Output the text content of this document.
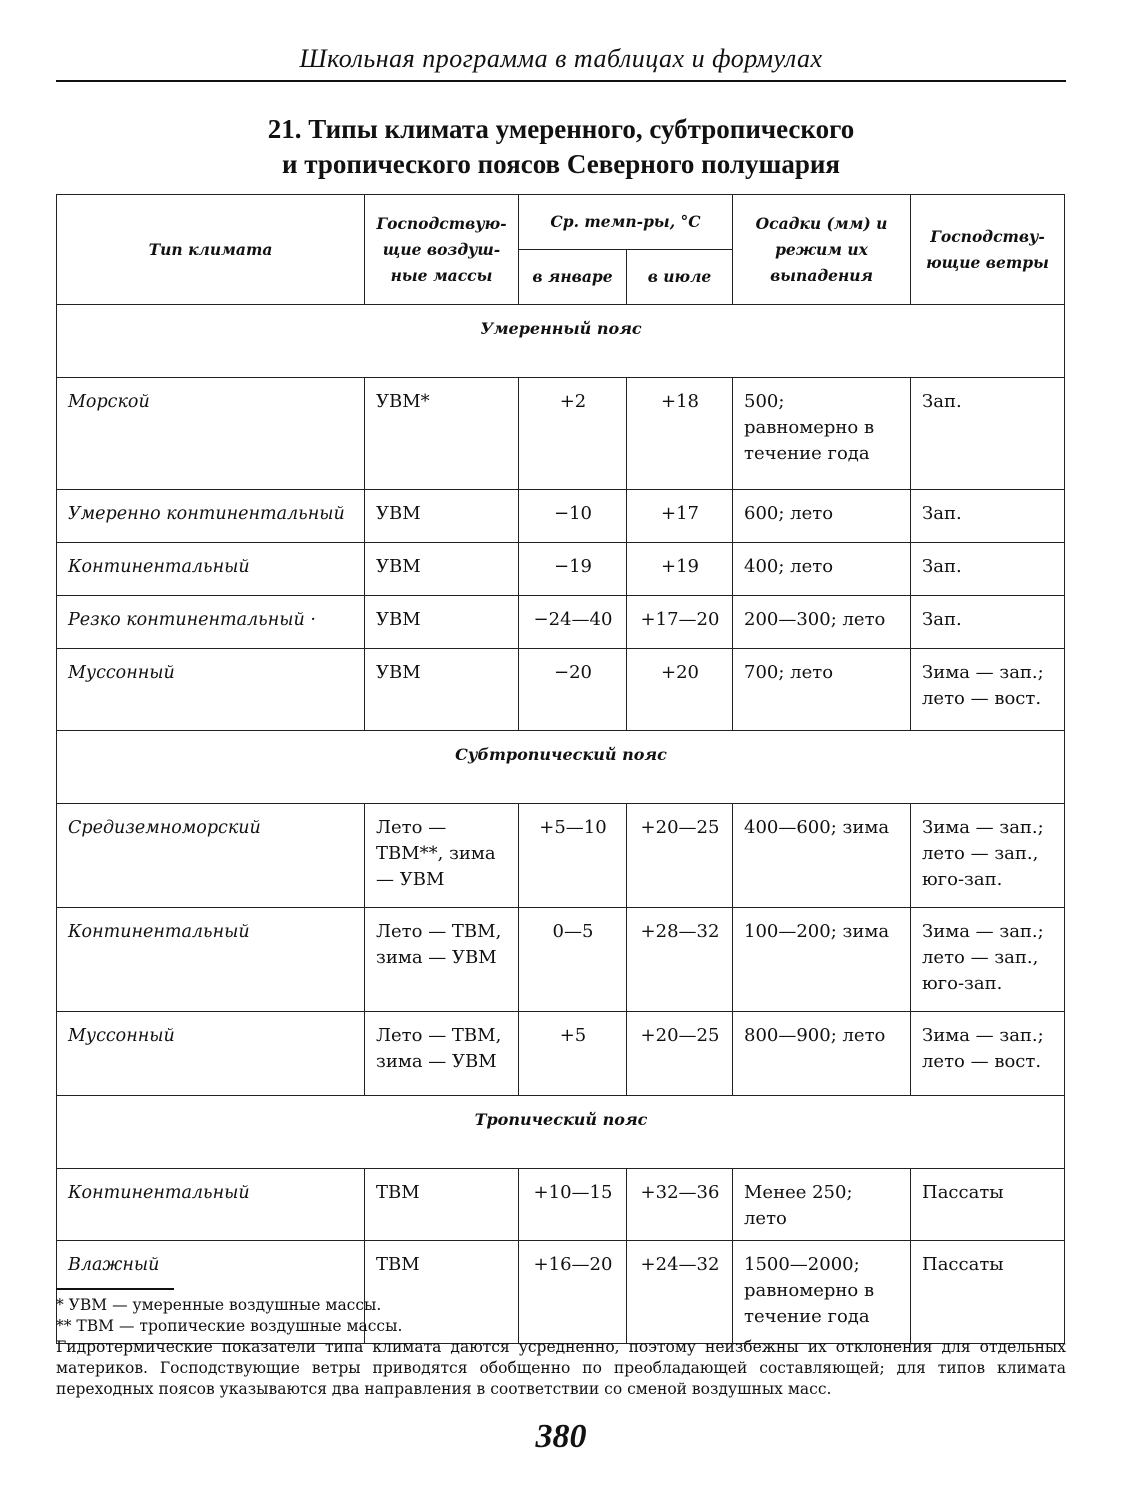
Школьная программа в таблицах и формулах
21. Типы климата умеренного, субтропического
и тропического поясов Северного полушария
Тип климата	Господствую-щие воздуш-ные массы	Ср. темп-ры, °С		Осадки (мм) и режим их выпадения	Господству-ющие ветры
		в январе	в июле		
Умеренный пояс					
Морской	УВМ*	+2	+18	500; равномерно в течение года	Зап.
Умеренно континентальный	УВМ	−10	+17	600; лето	Зап.
Континентальный	УВМ	−19	+19	400; лето	Зап.
Резко континентальный ·	УВМ	−24—40	+17—20	200—300; лето	Зап.
Муссонный	УВМ	−20	+20	700; лето	Зима — зап.; лето — вост.
Субтропический пояс					
Средиземноморский	Лето — ТВМ**, зима — УВМ	+5—10	+20—25	400—600; зима	Зима — зап.; лето — зап., юго-зап.
Континентальный	Лето — ТВМ, зима — УВМ	0—5	+28—32	100—200; зима	Зима — зап.; лето — зап., юго-зап.
Муссонный	Лето — ТВМ, зима — УВМ	+5	+20—25	800—900; лето	Зима — зап.; лето — вост.
Тропический пояс					
Континентальный	ТВМ	+10—15	+32—36	Менее 250; лето	Пассаты
Влажный	ТВМ	+16—20	+24—32	1500—2000; равномерно в течение года	Пассаты
* УВМ — умеренные воздушные массы.
** ТВМ — тропические воздушные массы.
Гидротермические показатели типа климата даются усредненно, поэтому неизбежны их отклонения для отдельных материков. Господствующие ветры приводятся обобщенно по преобладающей составляющей; для типов климата переходных поясов указываются два направления в соответствии со сменой воздушных масс.
380
